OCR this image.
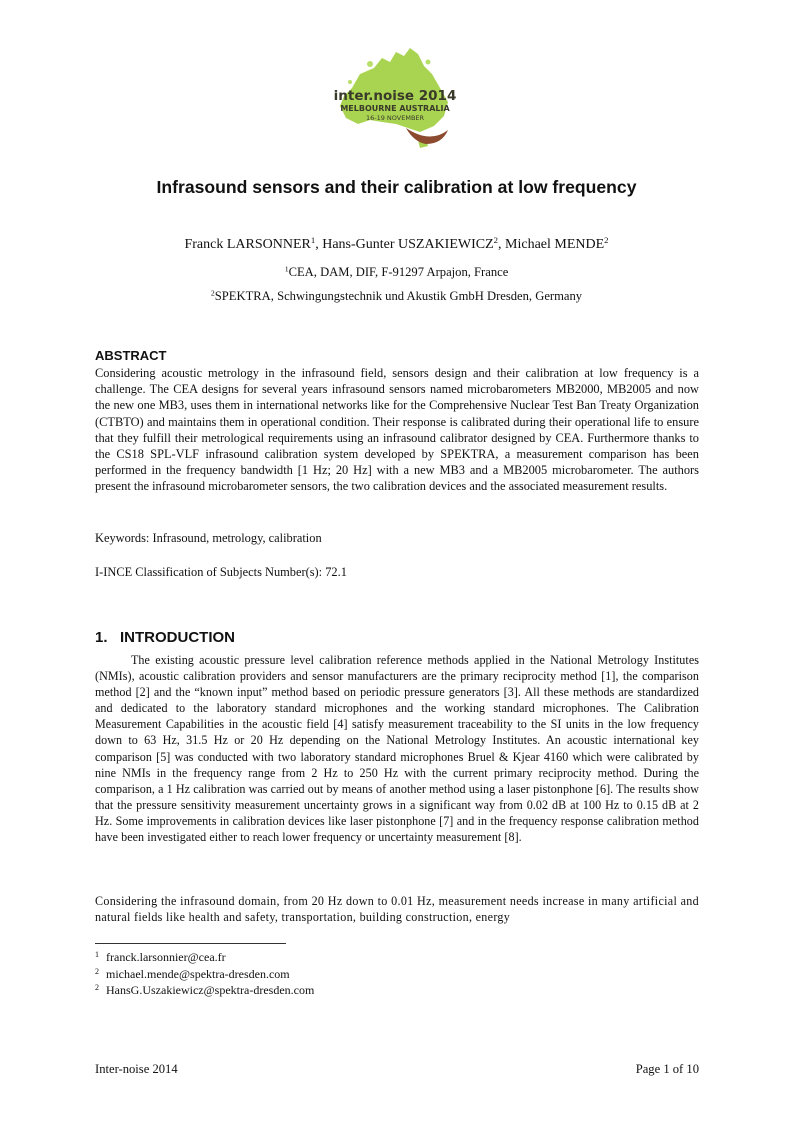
inter.noise 2014
MELBOURNE AUSTRALIA
16-19 NOVEMBER
Infrasound sensors and their calibration at low frequency
Franck LARSONNER$^1$, Hans-Gunter USZAKIEWICZ$^2$, Michael MENDE$^2$
$^1$CEA, DAM, DIF, F-91297 Arpajon, France
$^2$SPEKTRA, Schwingungstechnik und Akustik GmbH Dresden, Germany
ABSTRACT

Considering acoustic metrology in the infrasound field, sensors design and their calibration at low frequency is a challenge. The CEA designs for several years infrasound sensors named microbarometers MB2000, MB2005 and now the new one MB3, uses them in international networks like for the Comprehensive Nuclear Test Ban Treaty Organization (CTBTO) and maintains them in operational condition. Their response is calibrated during their operational life to ensure that they fulfill their metrological requirements using an infrasound calibrator designed by CEA. Furthermore thanks to the CS18 SPL-VLF infrasound calibration system developed by SPEKTRA, a measurement comparison has been performed in the frequency bandwidth [1 Hz; 20 Hz] with a new MB3 and a MB2005 microbarometer. The authors present the infrasound microbarometer sensors, the two calibration devices and the associated measurement results.

Keywords: Infrasound, metrology, calibration

I-INCE Classification of Subjects Number(s): 72.1

1.   INTRODUCTION

The existing acoustic pressure level calibration reference methods applied in the National Metrology Institutes (NMIs), acoustic calibration providers and sensor manufacturers are the primary reciprocity method [1], the comparison method [2] and the “known input” method based on periodic pressure generators [3]. All these methods are standardized and dedicated to the laboratory standard microphones and the working standard microphones. The Calibration Measurement Capabilities in the acoustic field [4] satisfy measurement traceability to the SI units in the low frequency down to 63 Hz, 31.5 Hz or 20 Hz depending on the National Metrology Institutes. An acoustic international key comparison [5] was conducted with two laboratory standard microphones Bruel & Kjear 4160 which were calibrated by nine NMIs in the frequency range from 2 Hz to 250 Hz with the current primary reciprocity method. During the comparison, a 1 Hz calibration was carried out by means of another method using a laser pistonphone [6]. The results show that the pressure sensitivity measurement uncertainty grows in a significant way from 0.02 dB at 100 Hz to 0.15 dB at 2 Hz. Some improvements in calibration devices like laser pistonphone [7] and in the frequency response calibration method have been investigated either to reach lower frequency or uncertainty measurement [8].

Considering the infrasound domain, from 20 Hz down to 0.01 Hz, measurement needs increase in many artificial and natural fields like health and safety, transportation, building construction, energy

1 franck.larsonnier@cea.fr
2 michael.mende@spektra-dresden.com
2 HansG.Uszakiewicz@spektra-dresden.com
Inter-noise 2014	Page 1 of 10
